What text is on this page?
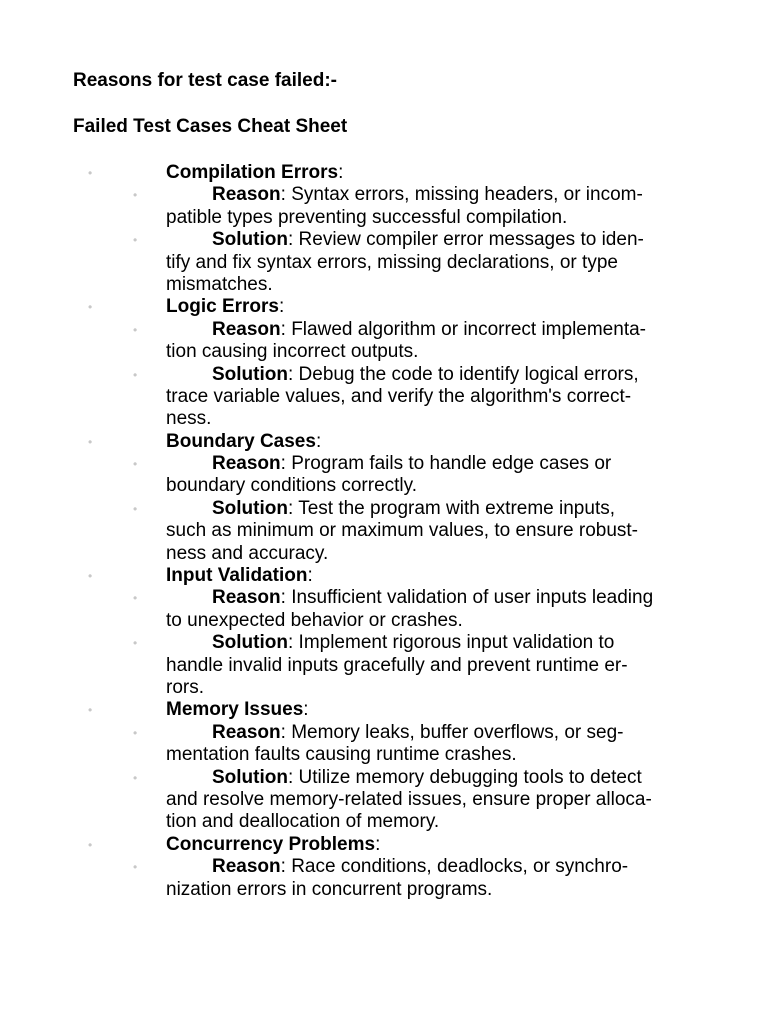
Reasons for test case failed:-
Failed Test Cases Cheat Sheet
•	Compilation Errors:
•	Reason: Syntax errors, missing headers, or incom-
patible types preventing successful compilation.
•	Solution: Review compiler error messages to iden-
tify and fix syntax errors, missing declarations, or type
mismatches.
•	Logic Errors:
•	Reason: Flawed algorithm or incorrect implementa-
tion causing incorrect outputs.
•	Solution: Debug the code to identify logical errors,
trace variable values, and verify the algorithm's correct-
ness.
•	Boundary Cases:
•	Reason: Program fails to handle edge cases or
boundary conditions correctly.
•	Solution: Test the program with extreme inputs,
such as minimum or maximum values, to ensure robust-
ness and accuracy.
•	Input Validation:
•	Reason: Insufficient validation of user inputs leading
to unexpected behavior or crashes.
•	Solution: Implement rigorous input validation to
handle invalid inputs gracefully and prevent runtime er-
rors.
•	Memory Issues:
•	Reason: Memory leaks, buffer overflows, or seg-
mentation faults causing runtime crashes.
•	Solution: Utilize memory debugging tools to detect
and resolve memory-related issues, ensure proper alloca-
tion and deallocation of memory.
•	Concurrency Problems:
•	Reason: Race conditions, deadlocks, or synchro-
nization errors in concurrent programs.
